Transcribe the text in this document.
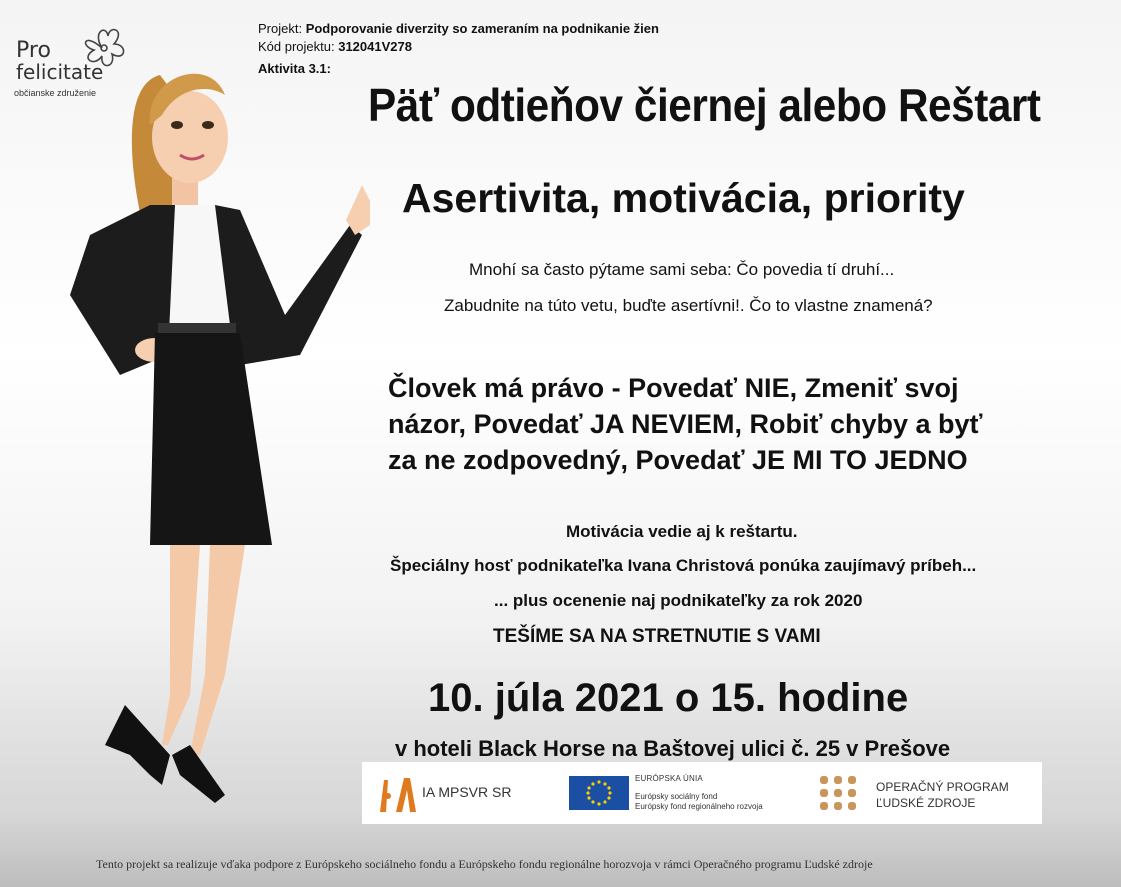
Pro
felicitate
občianske združenie
Projekt: Podporovanie diverzity so zameraním na podnikanie žien
Kód projektu: 312041V278
Aktivita 3.1:
Päť odtieňov čiernej alebo Reštart
Asertivita, motivácia, priority
Mnohí sa často pýtame sami seba: Čo povedia tí druhí...
Zabudnite na túto vetu, buďte asertívni!. Čo to vlastne znamená?
Človek má právo - Povedať NIE, Zmeniť svoj
názor, Povedať JA NEVIEM, Robiť chyby a byť
za ne zodpovedný, Povedať JE MI TO JEDNO
Motivácia vedie aj k reštartu.
Špeciálny hosť podnikateľka Ivana Christová ponúka zaujímavý príbeh...
... plus ocenenie naj podnikateľky za rok 2020
TEŠÍME SA NA STRETNUTIE S VAMI
10. júla 2021 o 15. hodine
v hoteli Black Horse na Baštovej ulici č. 25 v Prešove
IA MPSVR SR
EURÓPSKA ÚNIA
Európsky sociálny fond
Európsky fond regionálneho rozvoja
OPERAČNÝ PROGRAM
ĽUDSKÉ ZDROJE
Tento projekt sa realizuje vďaka podpore z Európskeho sociálneho fondu a Európskeho fondu regionálne horozvoja v rámci Operačného programu Ľudské zdroje
